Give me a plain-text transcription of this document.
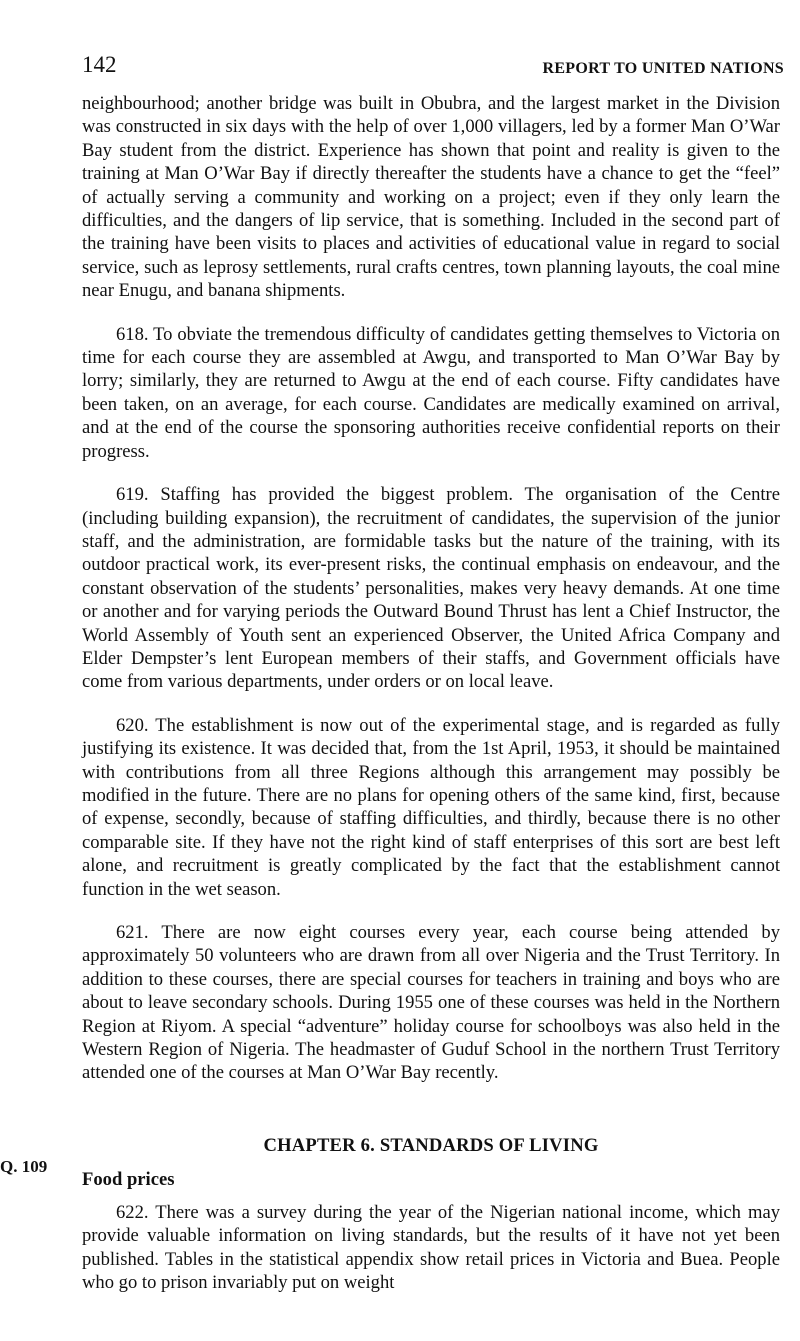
142	REPORT TO UNITED NATIONS

neighbourhood; another bridge was built in Obubra, and the largest market in the Division was constructed in six days with the help of over 1,000 villagers, led by a former Man O’War Bay student from the district. Experience has shown that point and reality is given to the training at Man O’War Bay if directly thereafter the students have a chance to get the “feel” of actually serving a community and working on a project; even if they only learn the difficulties, and the dangers of lip service, that is something. Included in the second part of the training have been visits to places and activities of educational value in regard to social service, such as leprosy settlements, rural crafts centres, town planning layouts, the coal mine near Enugu, and banana shipments.

618. To obviate the tremendous difficulty of candidates getting themselves to Victoria on time for each course they are assembled at Awgu, and transported to Man O’War Bay by lorry; similarly, they are returned to Awgu at the end of each course. Fifty candidates have been taken, on an average, for each course. Candidates are medically examined on arrival, and at the end of the course the sponsoring authorities receive confidential reports on their progress.

619. Staffing has provided the biggest problem. The organisation of the Centre (including building expansion), the recruitment of candidates, the supervision of the junior staff, and the administration, are formidable tasks but the nature of the training, with its outdoor practical work, its ever-present risks, the continual emphasis on endeavour, and the constant observation of the students’ personalities, makes very heavy demands. At one time or another and for varying periods the Outward Bound Thrust has lent a Chief Instructor, the World Assembly of Youth sent an experienced Observer, the United Africa Company and Elder Dempster’s lent European members of their staffs, and Government officials have come from various departments, under orders or on local leave.

620. The establishment is now out of the experimental stage, and is regarded as fully justifying its existence. It was decided that, from the 1st April, 1953, it should be maintained with contributions from all three Regions although this arrangement may possibly be modified in the future. There are no plans for opening others of the same kind, first, because of expense, secondly, because of staffing difficulties, and thirdly, because there is no other comparable site. If they have not the right kind of staff enterprises of this sort are best left alone, and recruitment is greatly complicated by the fact that the establishment cannot function in the wet season.

621. There are now eight courses every year, each course being attended by approximately 50 volunteers who are drawn from all over Nigeria and the Trust Territory. In addition to these courses, there are special courses for teachers in training and boys who are about to leave secondary schools. During 1955 one of these courses was held in the Northern Region at Riyom. A special “adventure” holiday course for schoolboys was also held in the Western Region of Nigeria. The headmaster of Guduf School in the northern Trust Territory attended one of the courses at Man O’War Bay recently.

CHAPTER 6. STANDARDS OF LIVING
Food prices

622. There was a survey during the year of the Nigerian national income, which may provide valuable information on living standards, but the results of it have not yet been published. Tables in the statistical appendix show retail prices in Victoria and Buea. People who go to prison invariably put on weight

Q. 109
